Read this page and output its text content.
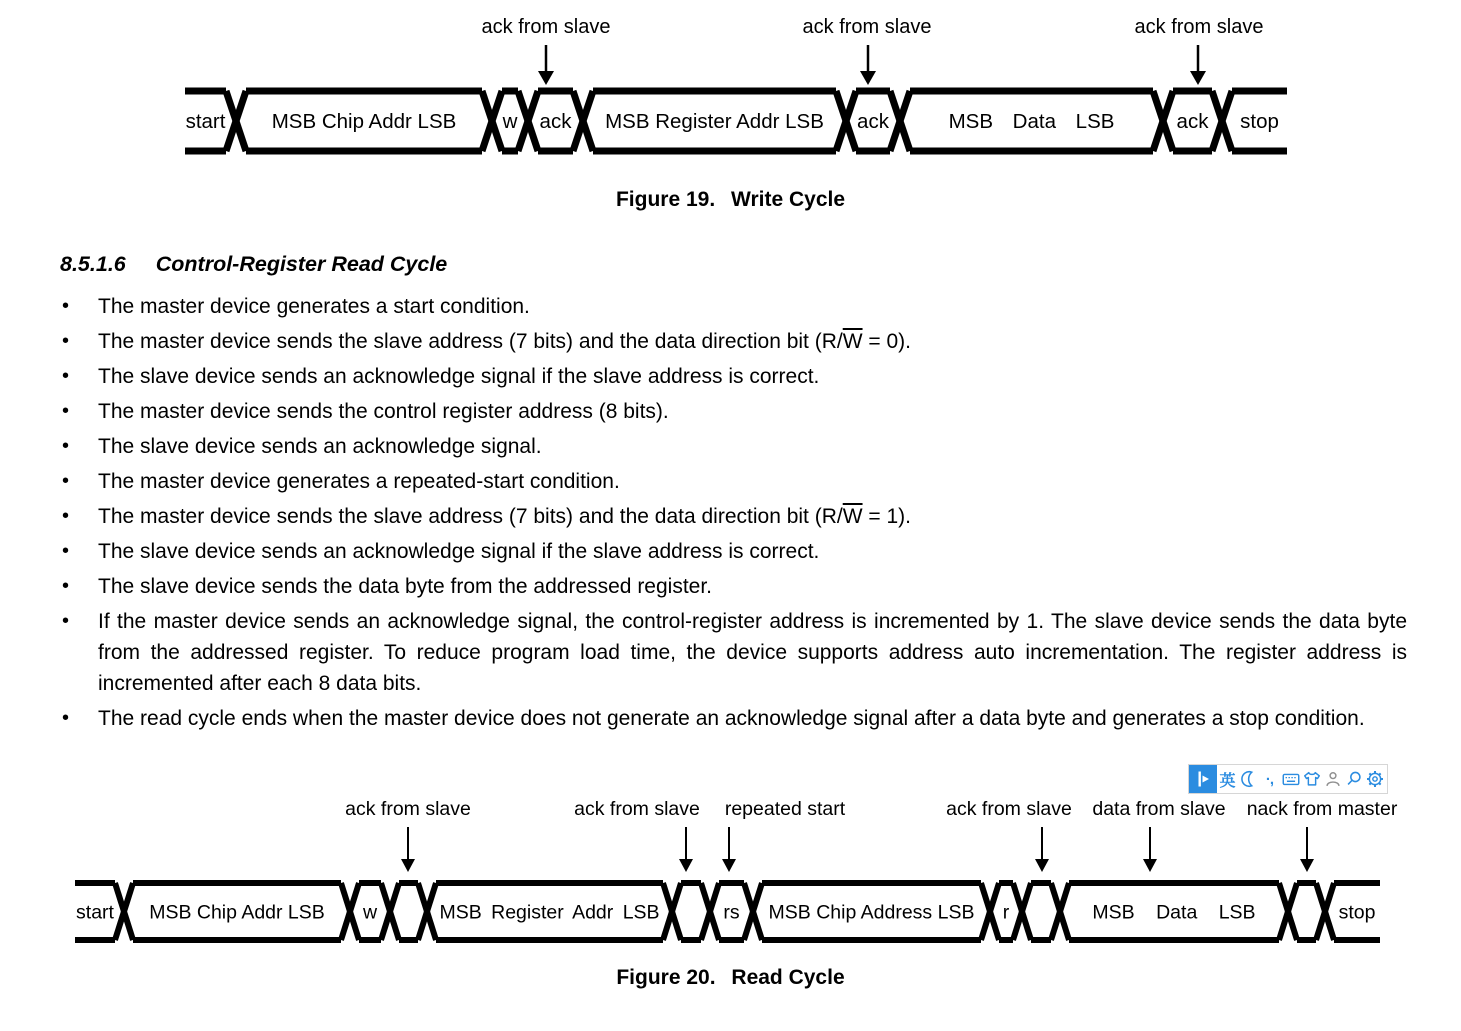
start MSB Chip Addr LSB w ack MSB Register Addr LSB ack	MSB Data LSB	ack stop
ack from slave	ack from slave	ack from slave
Figure 19. Write Cycle
8.5.1.6 Control-Register Read Cycle
• The master device generates a start condition.
• The master device sends the slave address (7 bits) and the data direction bit $(R/\overline{W} = 0)$.
• The slave device sends an acknowledge signal if the slave address is correct.
• The master device sends the control register address (8 bits).
• The slave device sends an acknowledge signal.
• The master device generates a repeated-start condition.
• The master device sends the slave address (7 bits) and the data direction bit $(R/\overline{W} = 1)$.
• The slave device sends an acknowledge signal if the slave address is correct.
• The slave device sends the data byte from the addressed register.
• If the master device sends an acknowledge signal, the control-register address is incremented by 1. The slave device sends the data byte from the addressed register. To reduce program load time, the device supports address auto incrementation. The register address is incremented after each 8 data bits.
• The read cycle ends when the master device does not generate an acknowledge signal after a data byte and generates a stop condition.
英	·,
start MSB Chip Addr LSB w	MSB Register Addr LSB	rs MSB Chip Address LSB r	MSB Data LSB	stop
ack from slave	ack from slave repeated start	ack from slave data from slave nack from master
Figure 20. Read Cycle
